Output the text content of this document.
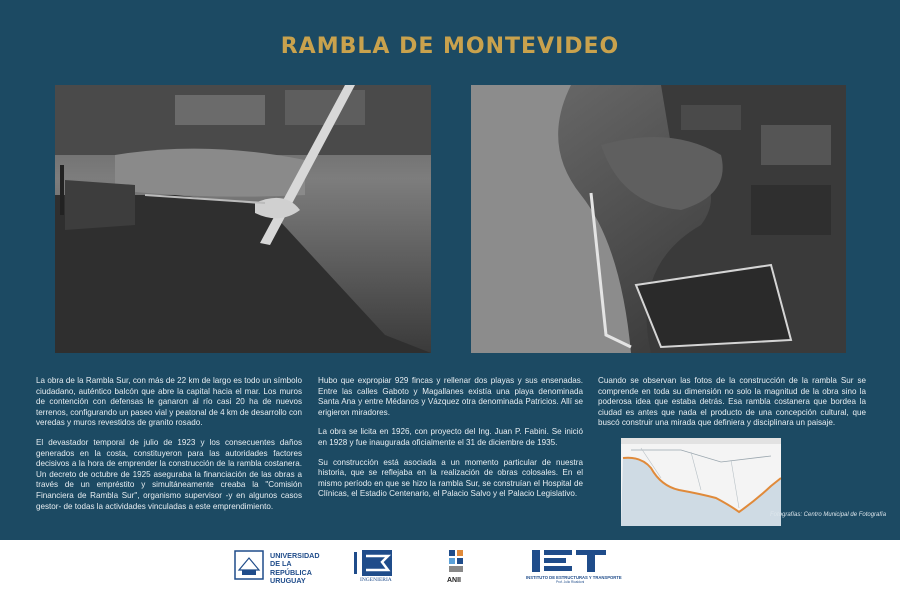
RAMBLA DE MONTEVIDEO

La obra de la Rambla Sur, con más de 22 km de largo es todo un símbolo ciudadano, auténtico balcón que abre la capital hacia el mar. Los muros de contención con defensas le ganaron al río casi 20 ha de nuevos terrenos, configurando un paseo vial y peatonal de 4 km de desarrollo con veredas y muros revestidos de granito rosado.

El devastador temporal de julio de 1923 y los consecuentes daños generados en la costa, constituyeron para las autoridades factores decisivos a la hora de emprender la construcción de la rambla costanera. Un decreto de octubre de 1925 aseguraba la financiación de las obras a través de un empréstito y simultáneamente creaba la "Comisión Financiera de Rambla Sur", organismo supervisor -y en algunos casos gestor- de todas la actividades vinculadas a este emprendimiento.

Hubo que expropiar 929 fincas y rellenar dos playas y sus ensenadas. Entre las calles Gaboto y Magallanes existía una playa denominada Santa Ana y entre Médanos y Vázquez otra denominada Patricios. Allí se erigieron miradores.

La obra se licita en 1926, con proyecto del Ing. Juan P. Fabini. Se inició en 1928 y fue inaugurada oficialmente el 31 de diciembre de 1935.

Su construcción está asociada a un momento particular de nuestra historia, que se reflejaba en la realización de obras colosales. En el mismo período en que se hizo la rambla Sur, se construían el Hospital de Clínicas, el Estadio Centenario, el Palacio Salvo y el Palacio Legislativo.

Cuando se observan las fotos de la construcción de la rambla Sur se comprende en toda su dimensión no solo la magnitud de la obra sino la poderosa idea que estaba detrás. Esa rambla costanera que bordea la ciudad es antes que nada el producto de una concepción cultural, que buscó construir una mirada que definiera y disciplinara un paisaje.

Fotografías: Centro Municipal de Fotografía
UNIVERSIDAD
DE LA REPÚBLICA
URUGUAY	INGENIERIA	ANII	INSTITUTO DE ESTRUCTURAS Y TRANSPORTE
Prof. Julio Ricaldoni
